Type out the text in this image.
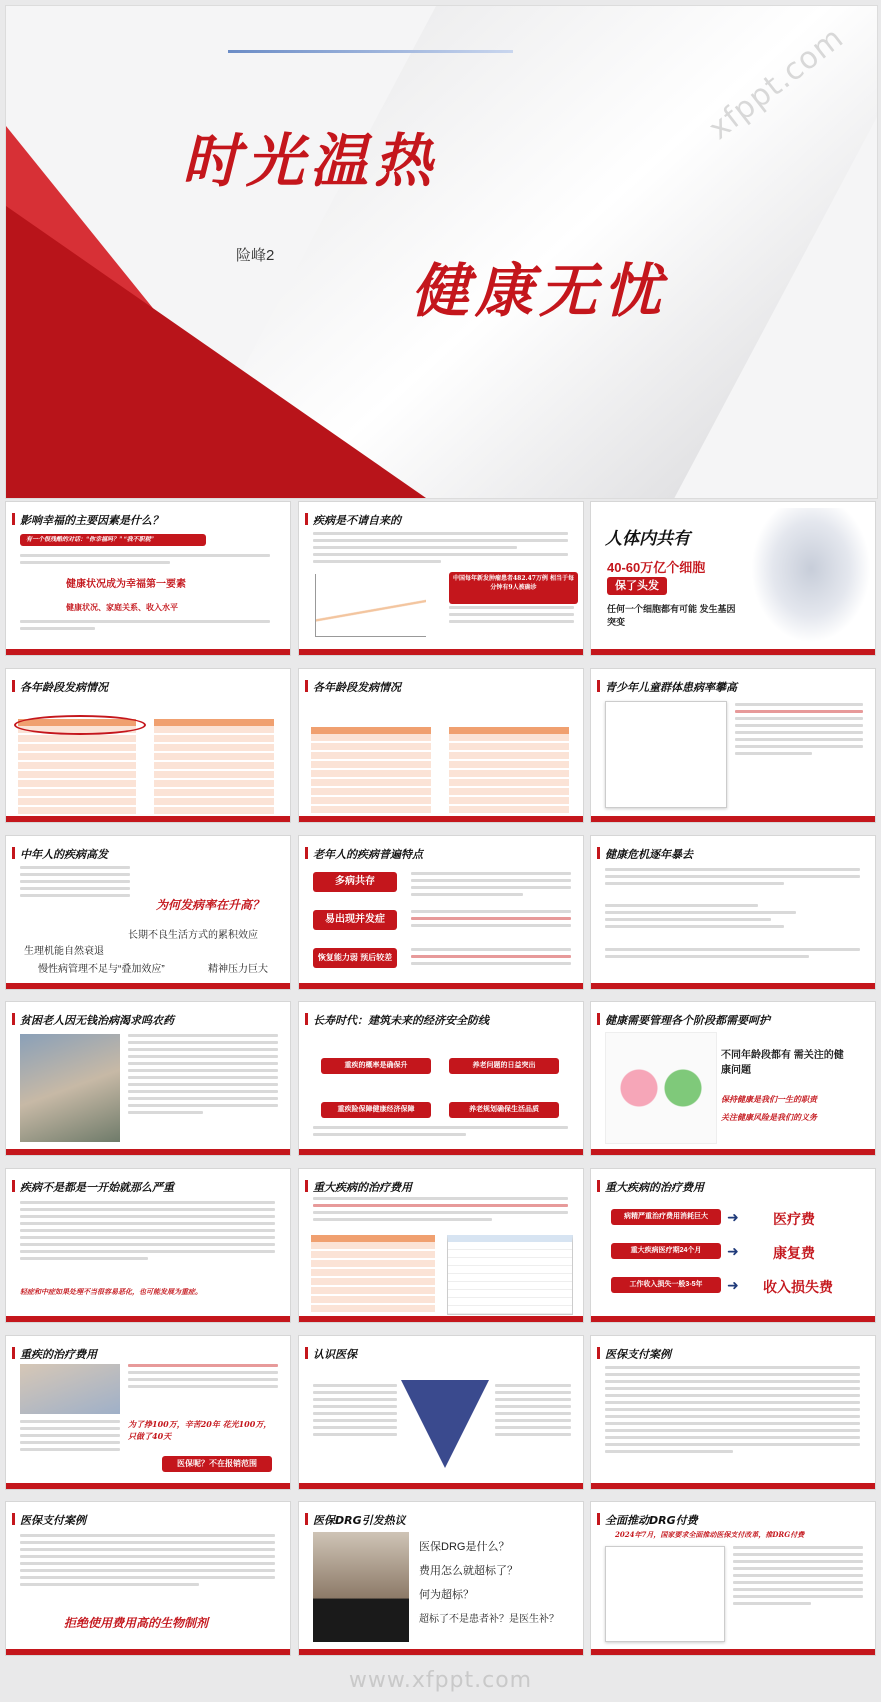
时光温热
险峰2
健康无忧
xfppt.com
影响幸福的主要因素是什么？
有一个很残酷的对话：“你幸福吗？” “我不职税”
健康状况成为幸福第一要素
健康状况、家庭关系、收入水平
疾病是不请自来的
中国每年新发肿瘤患者482.47万例 相当于每分钟有9人被确诊
人体内共有
40-60万亿个细胞
保了头发
任何一个细胞都有可能 发生基因突变
各年龄段发病情况	各年龄段发病情况	青少年儿童群体患病率攀高
中年人的疾病高发
为何发病率在升高？
长期不良生活方式的累积效应
生理机能自然衰退
慢性病管理不足与“叠加效应”	精神压力巨大
老年人的疾病普遍特点
多病共存
易出现并发症
恢复能力弱 预后较差
健康危机逐年暴去
贫困老人因无钱治病渴求呜农药	长寿时代：建筑未来的经济安全防线
重疾的概率是确保升	养老问题的日益突出
重疾险保障健康经济保障	养老规划确保生活品质
健康需要管理各个阶段都需要呵护
不同年龄段都有 需关注的健康问题
保持健康是我们一生的职责
关注健康风险是我们的义务
疾病不是都是一开始就那么严重
轻症和中症如果处理不当很容易恶化，也可能发展为重症。
重大疾病的治疗费用	重大疾病的治疗费用
病精严重治疗费用消耗巨大
重大疾病医疗期24个月
工作收入损失一般3-5年
➜
➜
➜
医疗费
康复费
收入损失费
重疾的治疗费用
为了挣100万，辛苦20年 花光100万，只做了40天
医保呢？不在报销范围
认识医保	医保支付案例
医保支付案例
拒绝使用费用高的生物制剂
医保DRG引发热议
医保DRG是什么？
费用怎么就超标了？
何为超标？
超标了不是患者补？是医生补？
全面推动DRG付费
2024年7月，国家要求全面推动医保支付改革，推DRG付费
www.xfppt.com
